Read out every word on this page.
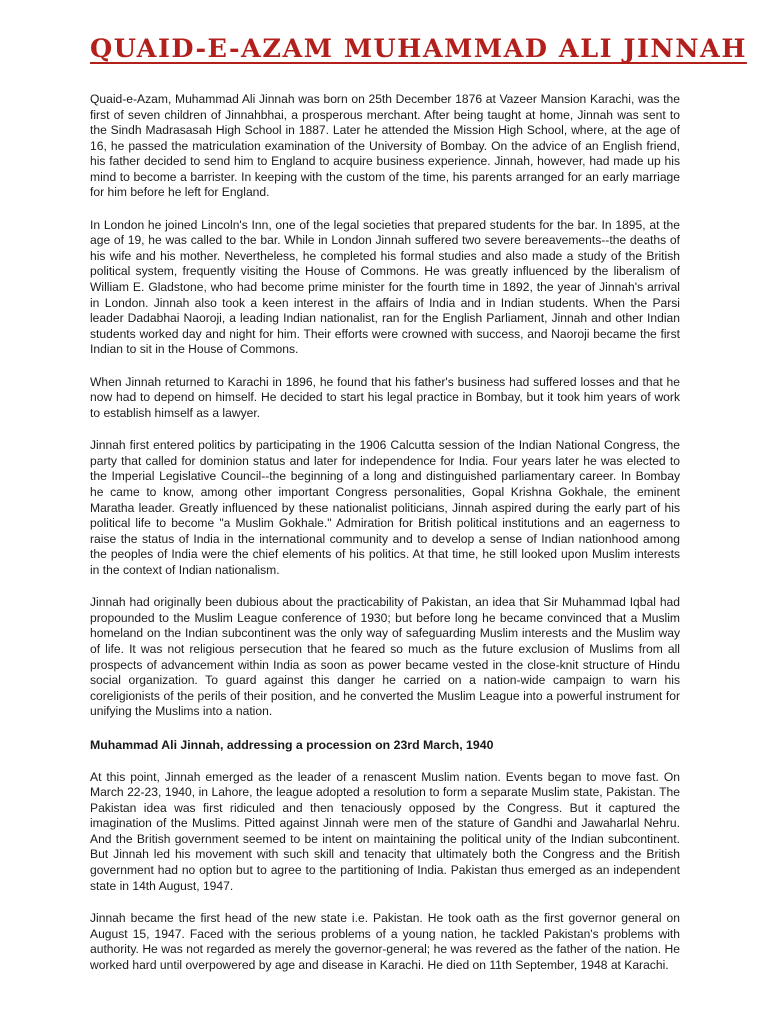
QUAID-E-AZAM MUHAMMAD ALI JINNAH

Quaid-e-Azam, Muhammad Ali Jinnah was born on 25th December 1876 at Vazeer Mansion Karachi, was the first of seven children of Jinnahbhai, a prosperous merchant. After being taught at home, Jinnah was sent to the Sindh Madrasasah High School in 1887. Later he attended the Mission High School, where, at the age of 16, he passed the matriculation examination of the University of Bombay. On the advice of an English friend, his father decided to send him to England to acquire business experience. Jinnah, however, had made up his mind to become a barrister. In keeping with the custom of the time, his parents arranged for an early marriage for him before he left for England.

In London he joined Lincoln's Inn, one of the legal societies that prepared students for the bar. In 1895, at the age of 19, he was called to the bar. While in London Jinnah suffered two severe bereavements--the deaths of his wife and his mother. Nevertheless, he completed his formal studies and also made a study of the British political system, frequently visiting the House of Commons. He was greatly influenced by the liberalism of William E. Gladstone, who had become prime minister for the fourth time in 1892, the year of Jinnah's arrival in London. Jinnah also took a keen interest in the affairs of India and in Indian students. When the Parsi leader Dadabhai Naoroji, a leading Indian nationalist, ran for the English Parliament, Jinnah and other Indian students worked day and night for him. Their efforts were crowned with success, and Naoroji became the first Indian to sit in the House of Commons.

When Jinnah returned to Karachi in 1896, he found that his father's business had suffered losses and that he now had to depend on himself. He decided to start his legal practice in Bombay, but it took him years of work to establish himself as a lawyer.

Jinnah first entered politics by participating in the 1906 Calcutta session of the Indian National Congress, the party that called for dominion status and later for independence for India. Four years later he was elected to the Imperial Legislative Council--the beginning of a long and distinguished parliamentary career. In Bombay he came to know, among other important Congress personalities, Gopal Krishna Gokhale, the eminent Maratha leader. Greatly influenced by these nationalist politicians, Jinnah aspired during the early part of his political life to become "a Muslim Gokhale." Admiration for British political institutions and an eagerness to raise the status of India in the international community and to develop a sense of Indian nationhood among the peoples of India were the chief elements of his politics. At that time, he still looked upon Muslim interests in the context of Indian nationalism.

Jinnah had originally been dubious about the practicability of Pakistan, an idea that Sir Muhammad Iqbal had propounded to the Muslim League conference of 1930; but before long he became convinced that a Muslim homeland on the Indian subcontinent was the only way of safeguarding Muslim interests and the Muslim way of life. It was not religious persecution that he feared so much as the future exclusion of Muslims from all prospects of advancement within India as soon as power became vested in the close-knit structure of Hindu social organization. To guard against this danger he carried on a nation-wide campaign to warn his coreligionists of the perils of their position, and he converted the Muslim League into a powerful instrument for unifying the Muslims into a nation.

Muhammad Ali Jinnah, addressing a procession on 23rd March, 1940

At this point, Jinnah emerged as the leader of a renascent Muslim nation. Events began to move fast. On March 22-23, 1940, in Lahore, the league adopted a resolution to form a separate Muslim state, Pakistan. The Pakistan idea was first ridiculed and then tenaciously opposed by the Congress. But it captured the imagination of the Muslims. Pitted against Jinnah were men of the stature of Gandhi and Jawaharlal Nehru. And the British government seemed to be intent on maintaining the political unity of the Indian subcontinent. But Jinnah led his movement with such skill and tenacity that ultimately both the Congress and the British government had no option but to agree to the partitioning of India. Pakistan thus emerged as an independent state in 14th August, 1947.

Jinnah became the first head of the new state i.e. Pakistan. He took oath as the first governor general on August 15, 1947. Faced with the serious problems of a young nation, he tackled Pakistan's problems with authority. He was not regarded as merely the governor-general; he was revered as the father of the nation. He worked hard until overpowered by age and disease in Karachi. He died on 11th September, 1948 at Karachi.
